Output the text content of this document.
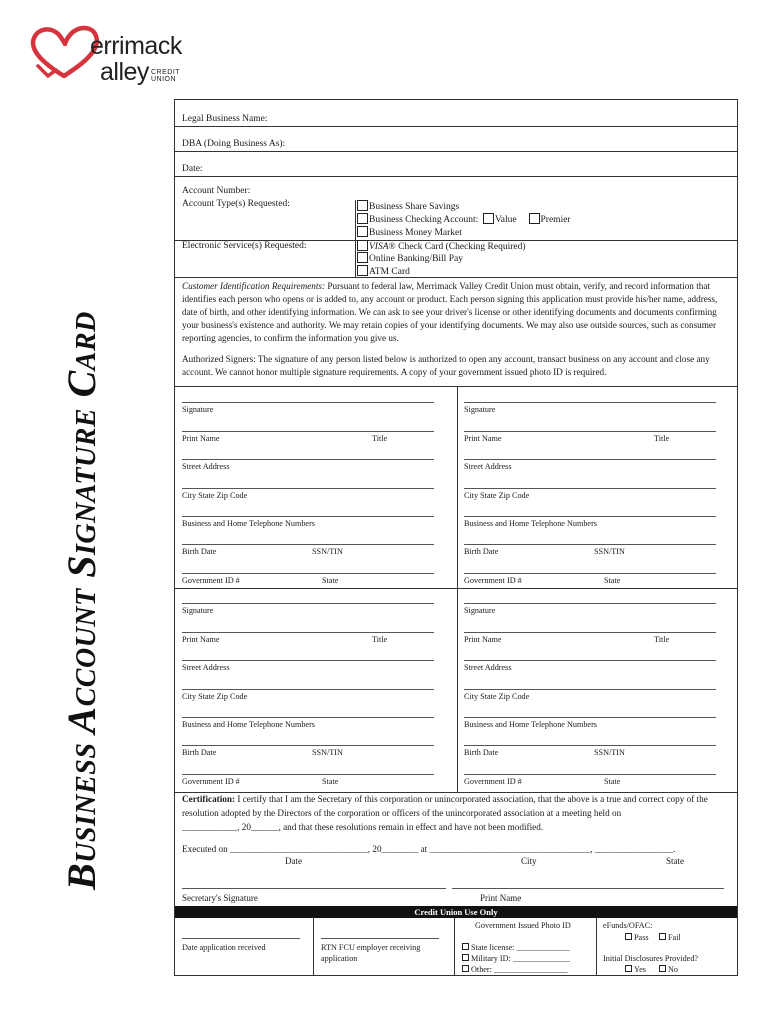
errimack
alley CREDIT UNION
Business Account Signature Card
Legal Business Name:
DBA (Doing Business As):
Date:
Account Number:
Account Type(s) Requested:	Business Share Savings
Business Checking Account: Value	Premier
Business Money Market
Electronic Service(s) Requested:	VISA® Check Card (Checking Required)
Online Banking/Bill Pay
ATM Card
Customer Identification Requirements: Pursuant to federal law, Merrimack Valley Credit Union must obtain, verify, and record information that identifies each person who opens or is added to, any account or product. Each person signing this application must provide his/her name, address, date of birth, and other identifying information. We can ask to see your driver's license or other identifying documents and documents confirming your business's existence and authority. We may retain copies of your identifying documents. We may also use outside sources, such as consumer reporting agencies, to confirm the information you give us.
Authorized Signers: The signature of any person listed below is authorized to open any account, transact business on any account and close any account. We cannot honor multiple signature requirements. A copy of your government issued photo ID is required.
Signature
Print Name	Title
Street Address
City State Zip Code
Business and Home Telephone Numbers
Birth Date	SSN/TIN
Government ID #	State
Signature
Print Name	Title
Street Address
City State Zip Code
Business and Home Telephone Numbers
Birth Date	SSN/TIN
Government ID #	State
Signature
Print Name	Title
Street Address
City State Zip Code
Business and Home Telephone Numbers
Birth Date	SSN/TIN
Government ID #	State
Signature
Print Name	Title
Street Address
City State Zip Code
Business and Home Telephone Numbers
Birth Date	SSN/TIN
Government ID #	State
Certification: I certify that I am the Secretary of this corporation or unincorporated association, that the above is a true and correct copy of the resolution adopted by the Directors of the corporation or officers of the unincorporated association at a meeting held on
____________, 20______, and that these resolutions remain in effect and have not been modified.
Executed on ______________________________, 20________ at ___________________________________, _________________.
Date	City	State
Secretary's Signature	Print Name
Credit Union Use Only
Date application received	RTN FCU employer receiving application
Government Issued Photo ID
State license: _____________
Military ID: ______________
Other: __________________
eFunds/OFAC:
Pass	Fail
Initial Disclosures Provided?
Yes	No
